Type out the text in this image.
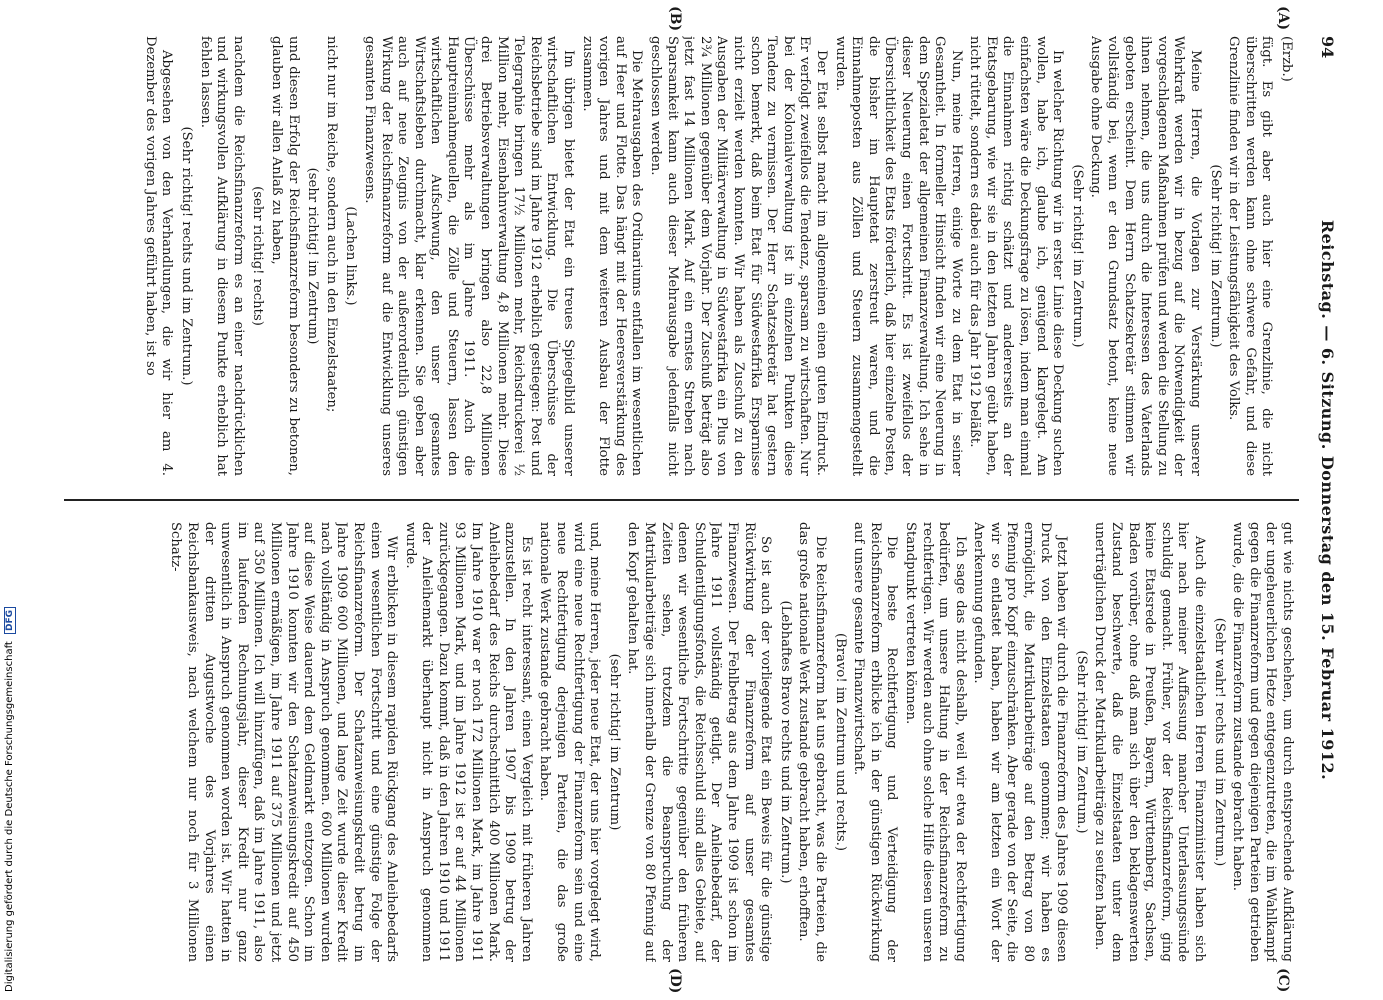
94
Reichstag. — 6. Sitzung. Donnerstag den 15. Februar 1912.
(A)
(B)
(C)
(D)

(Erzb.)

fügt. Es gibt aber auch hier eine Grenzlinie, die nicht überschritten werden kann ohne schwere Gefahr, und diese Grenzlinie finden wir in der Leistungsfähigkeit des Volks.

(Sehr richtig! im Zentrum.)

Meine Herren, die Vorlagen zur Verstärkung unserer Wehrkraft werden wir in bezug auf die Notwendigkeit der vorgeschlagenen Maßnahmen prüfen und werden die Stellung zu ihnen nehmen, die uns durch die Interessen des Vaterlands geboten erscheint. Dem Herrn Schatzsekretär stimmen wir vollständig bei, wenn er den Grundsatz betont, keine neue Ausgabe ohne Deckung.

(Sehr richtig! im Zentrum.)

In welcher Richtung wir in erster Linie diese Deckung suchen wollen, habe ich, glaube ich, genügend klargelegt. Am einfachsten wäre die Deckungsfrage zu lösen, indem man einmal die Einnahmen richtig schätzt und andererseits an der Etatsgebarung, wie wir sie in den letzten Jahren geübt haben, nicht rüttelt, sondern es dabei auch für das Jahr 1912 beläßt.

Nun, meine Herren, einige Worte zu dem Etat in seiner Gesamtheit. In formeller Hinsicht finden wir eine Neuerung in dem Spezialetat der allgemeinen Finanzverwaltung. Ich sehe in dieser Neuerung einen Fortschritt. Es ist zweifellos der Übersichtlichkeit des Etats förderlich, daß hier einzelne Posten, die bisher im Hauptetat zerstreut waren, und die Einnahmeposten aus Zöllen und Steuern zusammengestellt wurden.

Der Etat selbst macht im allgemeinen einen guten Eindruck. Er verfolgt zweifellos die Tendenz, sparsam zu wirtschaften. Nur bei der Kolonialverwaltung ist in einzelnen Punkten diese Tendenz zu vermissen. Der Herr Schatzsekretär hat gestern schon bemerkt, daß beim Etat für Südwestafrika Ersparnisse nicht erzielt werden konnten. Wir haben als Zuschuß zu den Ausgaben der Militärverwaltung in Südwestafrika ein Plus von 2¾ Millionen gegenüber dem Vorjahr. Der Zuschuß beträgt also jetzt fast 14 Millionen Mark. Auf ein ernstes Streben nach Sparsamkeit kann auch dieser Mehrausgabe jedenfalls nicht geschlossen werden.

Die Mehrausgaben des Ordinariums entfallen im wesentlichen auf Heer und Flotte. Das hängt mit der Heeresverstärkung des vorigen Jahres und mit dem weiteren Ausbau der Flotte zusammen.

Im übrigen bietet der Etat ein treues Spiegelbild unserer wirtschaftlichen Entwicklung. Die Überschüsse der Reichsbetriebe sind im Jahre 1912 erheblich gestiegen: Post und Telegraphie bringen 17½ Millionen mehr, Reichsdruckerei ½ Million mehr, Eisenbahnverwaltung 4,8 Millionen mehr. Diese drei Betriebsverwaltungen bringen also 22,8 Millionen Überschüsse mehr als im Jahre 1911. Auch die Hauptreinnahmequellen, die Zölle und Steuern, lassen den wirtschaftlichen Aufschwung, den unser gesamtes Wirtschaftsleben durchmacht, klar erkennen. Sie geben aber auch auf neue Zeugnis von der außerordentlich günstigen Wirkung der Reichsfinanzreform auf die Entwicklung unseres gesamten Finanzwesens.

(Lachen links.)

nicht nur im Reiche, sondern auch in den Einzelstaaten;

(sehr richtig! im Zentrum)

und diesen Erfolg der Reichsfinanzreform besonders zu betonen, glauben wir allen Anlaß zu haben,

(sehr richtig! rechts)

nachdem die Reichsfinanzreform es an einer nachdrücklichen und wirkungsvollen Aufklärung in diesem Punkte erheblich hat fehlen lassen.

(Sehr richtig! rechts und im Zentrum.)

Abgesehen von den Verhandlungen, die wir hier am 4. Dezember des vorigen Jahres geführt haben, ist so

gut wie nichts geschehen, um durch entsprechende Aufklärung der ungeheuerlichen Hetze entgegenzutreten, die im Wahlkampf gegen die Finanzreform und gegen diejenigen Parteien getrieben wurde, die die Finanzreform zustande gebracht haben.

(Sehr wahr! rechts und im Zentrum.)

Auch die einzelstaatlichen Herren Finanzminister haben sich hier nach meiner Auffassung mancher Unterlassungssünde schuldig gemacht. Früher, vor der Reichsfinanzreform, ging keine Etatsrede in Preußen, Bayern, Württemberg, Sachsen, Baden vorüber, ohne daß man sich über den beklagenswerten Zustand beschwerte, daß die Einzelstaaten unter dem unerträglichen Druck der Matrikularbeiträge zu seufzen haben.

(Sehr richtig! im Zentrum.)

Jetzt haben wir durch die Finanzreform des Jahres 1909 diesen Druck von den Einzelstaaten genommen; wir haben es ermöglicht, die Matrikularbeiträge auf den Betrag von 80 Pfennig pro Kopf einzuschränken. Aber gerade von der Seite, die wir so entlastet haben, haben wir am letzten ein Wort der Anerkennung gefunden.

Ich sage das nicht deshalb, weil wir etwa der Rechtfertigung bedürfen, um unsere Haltung in der Reichsfinanzreform zu rechtfertigen. Wir werden auch ohne solche Hilfe diesen unseren Standpunkt vertreten können.

Die beste Rechtfertigung und Verteidigung der Reichsfinanzreform erblicke ich in der günstigen Rückwirkung auf unsere gesamte Finanzwirtschaft.

(Bravo! im Zentrum und rechts.)

Die Reichsfinanzreform hat uns gebracht, was die Parteien, die das große nationale Werk zustande gebracht haben, erhofften.

(Lebhaftes Bravo rechts und im Zentrum.)

So ist auch der vorliegende Etat ein Beweis für die günstige Rückwirkung der Finanzreform auf unser gesamtes Finanzwesen. Der Fehlbetrag aus dem Jahre 1909 ist schon im Jahre 1911 vollständig getilgt. Der Anleihebedarf, der Schuldentilgungsfonds, die Reichsschuld sind alles Gebiete, auf denen wir wesentliche Fortschritte gegenüber den früheren Zeiten sehen, trotzdem die Beanspruchung der Matrikularbeiträge sich innerhalb der Grenze von 80 Pfennig auf den Kopf gehalten hat.

(sehr richtig! im Zentrum)

und, meine Herren, jeder neue Etat, der uns hier vorgelegt wird, wird eine neue Rechtfertigung der Finanzreform sein und eine neue Rechtfertigung derjenigen Parteien, die das große nationale Werk zustande gebracht haben.

Es ist recht interessant, einen Vergleich mit früheren Jahren anzustellen. In den Jahren 1907 bis 1909 betrug der Anleihebedarf des Reichs durchschnittlich 400 Millionen Mark. Im Jahre 1910 war er noch 172 Millionen Mark, im Jahre 1911 93 Millionen Mark, und im Jahre 1912 ist er auf 44 Millionen zurückgegangen. Dazu kommt, daß in den Jahren 1910 und 1911 der Anleihemarkt überhaupt nicht in Anspruch genommen wurde.

Wir erblicken in diesem rapiden Rückgang des Anleihebedarfs einen wesentlichen Fortschritt und eine günstige Folge der Reichsfinanzreform. Der Schatzanweisungskredit betrug im Jahre 1909 600 Millionen, und lange Zeit wurde dieser Kredit nach vollständig in Anspruch genommen. 600 Millionen wurden auf diese Weise dauernd dem Geldmarkt entzogen. Schon im Jahre 1910 konnten wir den Schatzanweisungskredit auf 450 Millionen ermäßigen, im Jahre 1911 auf 375 Millionen und jetzt auf 350 Millionen. Ich will hinzufügen, daß im Jahre 1911, also im laufenden Rechnungsjahr, dieser Kredit nur ganz unwesentlich in Anspruch genommen worden ist. Wir hatten in der dritten Augustwoche des Vorjahres einen Reichsbankausweis, nach welchem nur noch für 3 Millionen Schatz-

Digitalisierung gefördert durch die Deutsche Forschungsgemeinschaft DFG
